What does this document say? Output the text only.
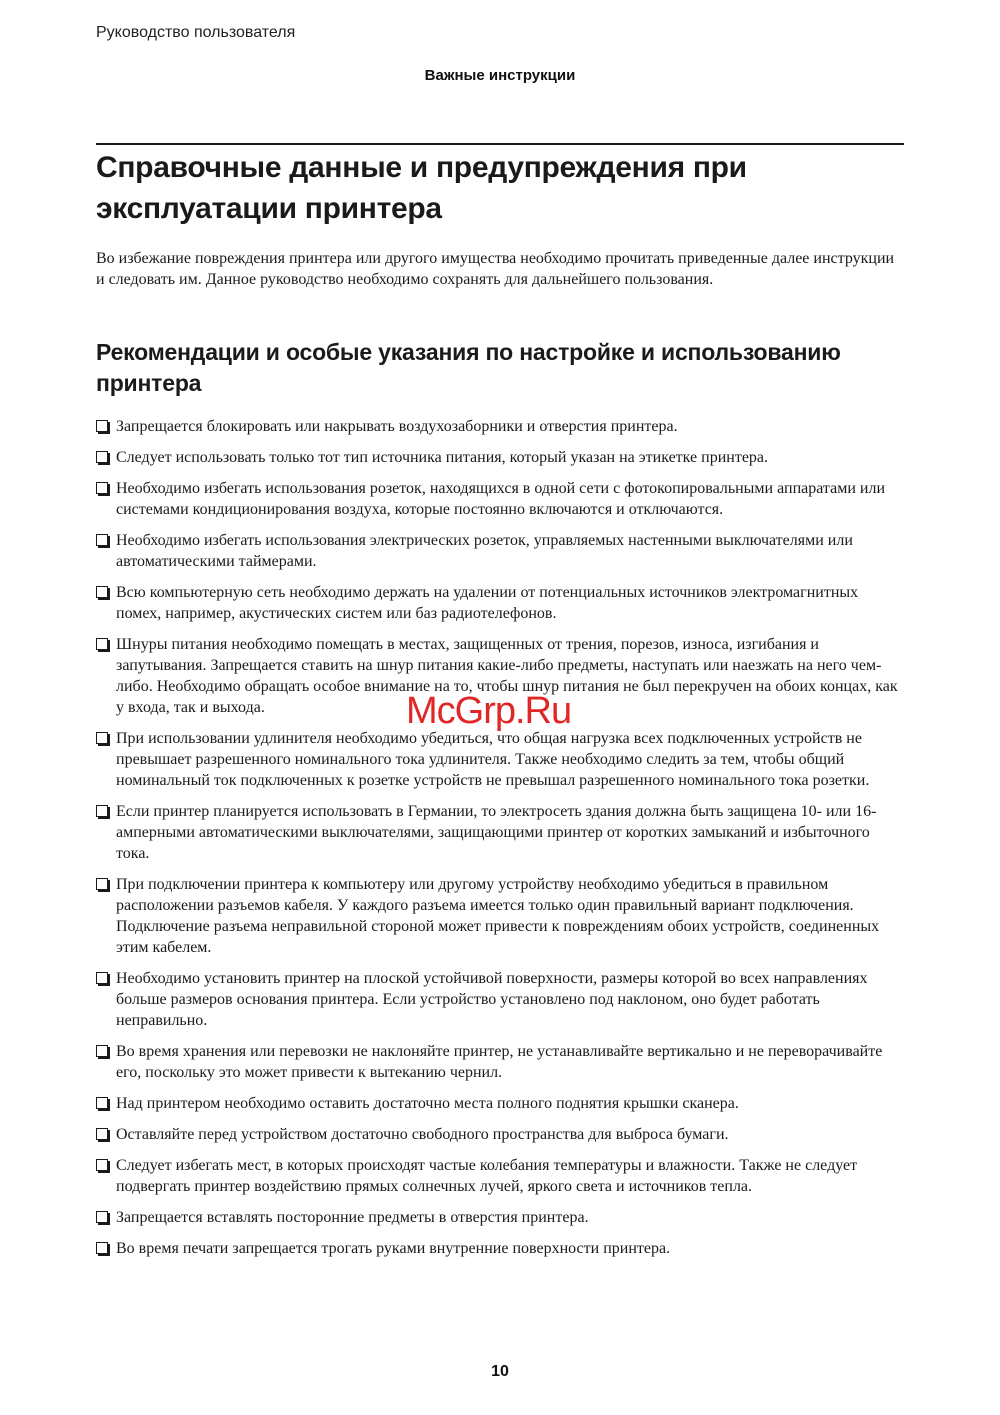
Руководство пользователя
Важные инструкции
Справочные данные и предупреждения при эксплуатации принтера

Во избежание повреждения принтера или другого имущества необходимо прочитать приведенные далее инструкции и следовать им. Данное руководство необходимо сохранять для дальнейшего пользования.

Рекомендации и особые указания по настройке и использованию принтера
Запрещается блокировать или накрывать воздухозаборники и отверстия принтера.
Следует использовать только тот тип источника питания, который указан на этикетке принтера.
Необходимо избегать использования розеток, находящихся в одной сети с фотокопировальными аппаратами или системами кондиционирования воздуха, которые постоянно включаются и отключаются.
Необходимо избегать использования электрических розеток, управляемых настенными выключателями или автоматическими таймерами.
Всю компьютерную сеть необходимо держать на удалении от потенциальных источников электромагнитных помех, например, акустических систем или баз радиотелефонов.
Шнуры питания необходимо помещать в местах, защищенных от трения, порезов, износа, изгибания и запутывания. Запрещается ставить на шнур питания какие-либо предметы, наступать или наезжать на него чем-либо. Необходимо обращать особое внимание на то, чтобы шнур питания не был перекручен на обоих концах, как у входа, так и выхода.
При использовании удлинителя необходимо убедиться, что общая нагрузка всех подключенных устройств не превышает разрешенного номинального тока удлинителя. Также необходимо следить за тем, чтобы общий номинальный ток подключенных к розетке устройств не превышал разрешенного номинального тока розетки.
Если принтер планируется использовать в Германии, то электросеть здания должна быть защищена 10- или 16-амперными автоматическими выключателями, защищающими принтер от коротких замыканий и избыточного тока.
При подключении принтера к компьютеру или другому устройству необходимо убедиться в правильном расположении разъемов кабеля. У каждого разъема имеется только один правильный вариант подключения. Подключение разъема неправильной стороной может привести к повреждениям обоих устройств, соединенных этим кабелем.
Необходимо установить принтер на плоской устойчивой поверхности, размеры которой во всех направлениях больше размеров основания принтера. Если устройство установлено под наклоном, оно будет работать неправильно.
Во время хранения или перевозки не наклоняйте принтер, не устанавливайте вертикально и не переворачивайте его, поскольку это может привести к вытеканию чернил.
Над принтером необходимо оставить достаточно места полного поднятия крышки сканера.
Оставляйте перед устройством достаточно свободного пространства для выброса бумаги.
Следует избегать мест, в которых происходят частые колебания температуры и влажности. Также не следует подвергать принтер воздействию прямых солнечных лучей, яркого света и источников тепла.
Запрещается вставлять посторонние предметы в отверстия принтера.
Во время печати запрещается трогать руками внутренние поверхности принтера.
McGrp.Ru
10
